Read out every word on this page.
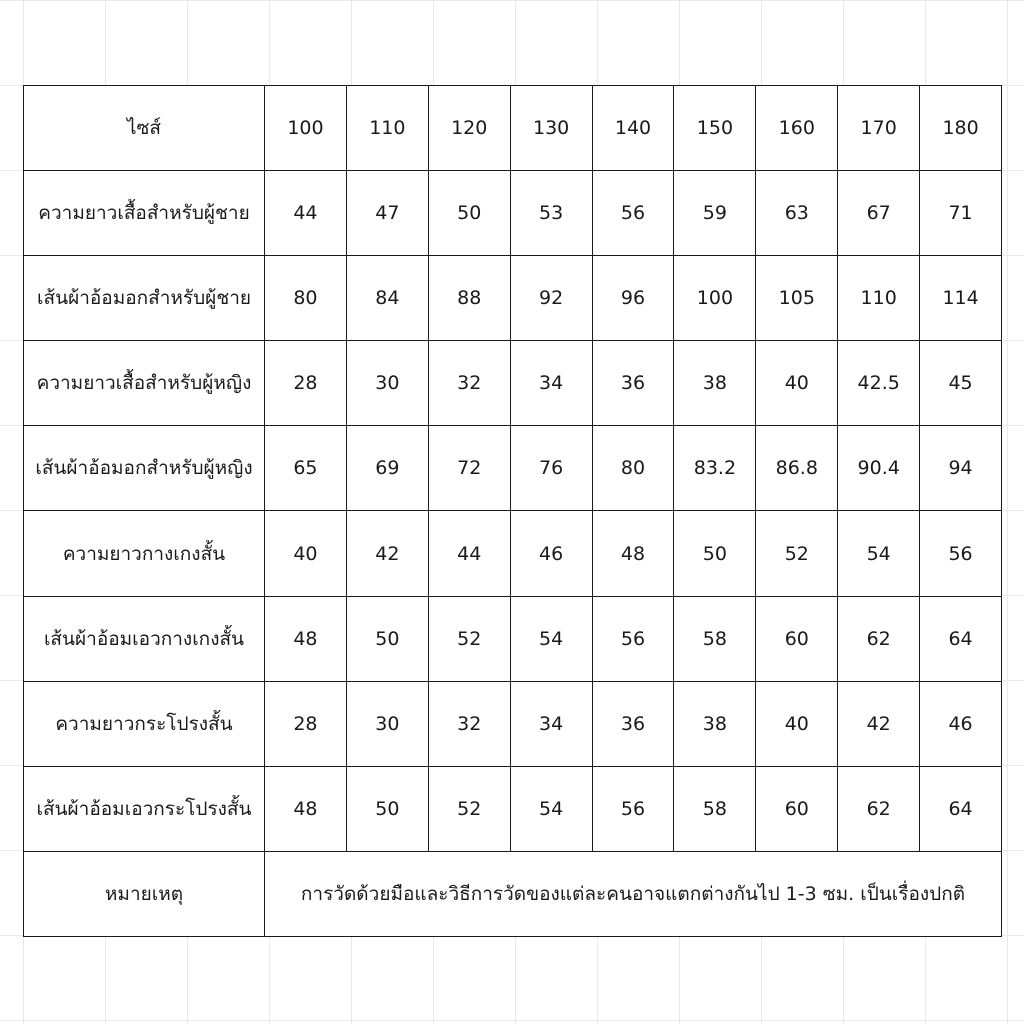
ไซส์	100	110	120	130	140	150	160	170	180
ความยาวเสื้อสำหรับผู้ชาย	44	47	50	53	56	59	63	67	71
เส้นผ้าอ้อมอกสำหรับผู้ชาย	80	84	88	92	96	100	105	110	114
ความยาวเสื้อสำหรับผู้หญิง	28	30	32	34	36	38	40	42.5	45
เส้นผ้าอ้อมอกสำหรับผู้หญิง	65	69	72	76	80	83.2	86.8	90.4	94
ความยาวกางเกงสั้น	40	42	44	46	48	50	52	54	56
เส้นผ้าอ้อมเอวกางเกงสั้น	48	50	52	54	56	58	60	62	64
ความยาวกระโปรงสั้น	28	30	32	34	36	38	40	42	46
เส้นผ้าอ้อมเอวกระโปรงสั้น	48	50	52	54	56	58	60	62	64
หมายเหตุ	การวัดด้วยมือและวิธีการวัดของแต่ละคนอาจแตกต่างกันไป 1-3 ซม. เป็นเรื่องปกติ								
